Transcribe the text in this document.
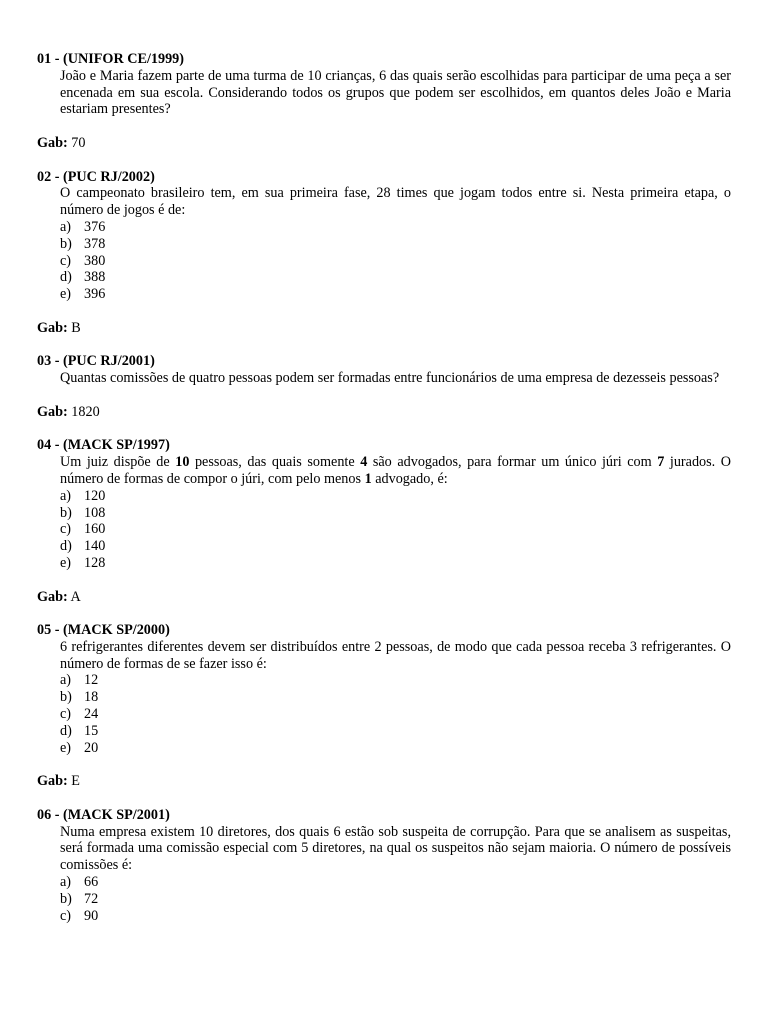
01 - (UNIFOR CE/1999)

João e Maria fazem parte de uma turma de 10 crianças, 6 das quais serão escolhidas para participar de uma peça a ser encenada em sua escola. Considerando todos os grupos que podem ser escolhidos, em quantos deles João e Maria estariam presentes?

Gab: 70
02 - (PUC RJ/2002)

O campeonato brasileiro tem, em sua primeira fase, 28 times que jogam todos entre si. Nesta primeira etapa, o número de jogos é de:

a) 376
b) 378
c) 380
d) 388
e) 396
Gab: B
03 - (PUC RJ/2001)

Quantas comissões de quatro pessoas podem ser formadas entre funcionários de uma empresa de dezesseis pessoas?

Gab: 1820
04 - (MACK SP/1997)

Um juiz dispõe de 10 pessoas, das quais somente 4 são advogados, para formar um único júri com 7 jurados. O número de formas de compor o júri, com pelo menos 1 advogado, é:

a) 120
b) 108
c) 160
d) 140
e) 128
Gab: A
05 - (MACK SP/2000)

6 refrigerantes diferentes devem ser distribuídos entre 2 pessoas, de modo que cada pessoa receba 3 refrigerantes. O número de formas de se fazer isso é:

a) 12
b) 18
c) 24
d) 15
e) 20
Gab: E
06 - (MACK SP/2001)

Numa empresa existem 10 diretores, dos quais 6 estão sob suspeita de corrupção. Para que se analisem as suspeitas, será formada uma comissão especial com 5 diretores, na qual os suspeitos não sejam maioria. O número de possíveis comissões é:

a) 66
b) 72
c) 90
